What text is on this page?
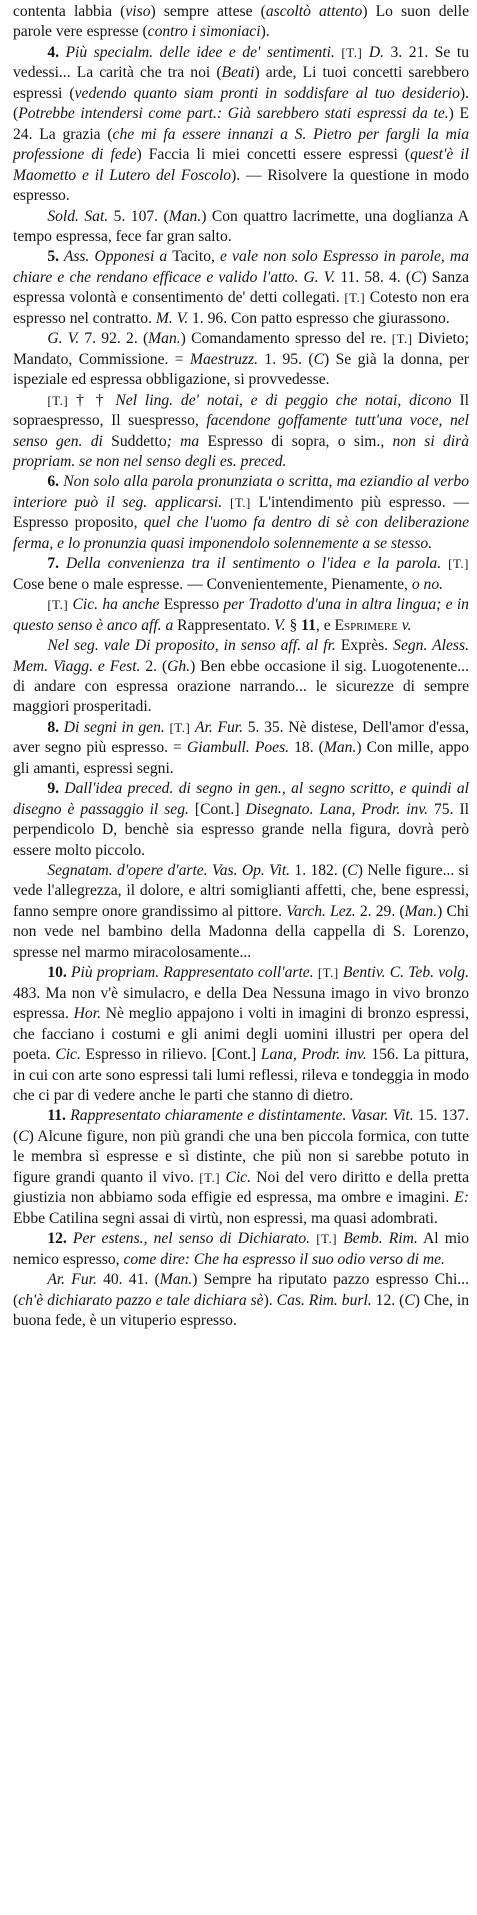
contenta labbia (viso) sempre attese (ascoltò attento) Lo suon delle parole vere espresse (contro i simoniaci).

4. Più specialm. delle idee e de' sentimenti. [T.] D. 3. 21. Se tu vedessi... La carità che tra noi (Beati) arde, Li tuoi concetti sarebbero espressi (vedendo quanto siam pronti in soddisfare al tuo desiderio). (Potrebbe intendersi come part.: Già sarebbero stati espressi da te.) E 24. La grazia (che mi fa essere innanzi a S. Pietro per fargli la mia professione di fede) Faccia li miei concetti essere espressi (quest'è il Maometto e il Lutero del Foscolo). — Risolvere la questione in modo espresso.

Sold. Sat. 5. 107. (Man.) Con quattro lacrimette, una doglianza A tempo espressa, fece far gran salto.

5. Ass. Opponesi a Tacito, e vale non solo Espresso in parole, ma chiare e che rendano efficace e valido l'atto. G. V. 11. 58. 4. (C) Sanza espressa volontà e consentimento de' detti collegati. [T.] Cotesto non era espresso nel contratto. M. V. 1. 96. Con patto espresso che giurassono.

G. V. 7. 92. 2. (Man.) Comandamento spresso del re. [T.] Divieto; Mandato, Commissione. = Maestruzz. 1. 95. (C) Se già la donna, per ispeziale ed espressa obbligazione, si provvedesse.

[T.] † † Nel ling. de' notai, e di peggio che notai, dicono Il sopraespresso, Il suespresso, facendone goffamente tutt'una voce, nel senso gen. di Suddetto; ma Espresso di sopra, o sim., non si dirà propriam. se non nel senso degli es. preced.

6. Non solo alla parola pronunziata o scritta, ma eziandio al verbo interiore può il seg. applicarsi. [T.] L'intendimento più espresso. — Espresso proposito, quel che l'uomo fa dentro di sè con deliberazione ferma, e lo pronunzia quasi imponendolo solennemente a se stesso.

7. Della convenienza tra il sentimento o l'idea e la parola. [T.] Cose bene o male espresse. — Convenientemente, Pienamente, o no.

[T.] Cic. ha anche Espresso per Tradotto d'una in altra lingua; e in questo senso è anco aff. a Rappresentato. V. § 11, e Esprimere v.

Nel seg. vale Di proposito, in senso aff. al fr. Exprès. Segn. Aless. Mem. Viagg. e Fest. 2. (Gh.) Ben ebbe occasione il sig. Luogotenente... di andare con espressa orazione narrando... le sicurezze di sempre maggiori prosperitadi.

8. Di segni in gen. [T.] Ar. Fur. 5. 35. Nè distese, Dell'amor d'essa, aver segno più espresso. = Giambull. Poes. 18. (Man.) Con mille, appo gli amanti, espressi segni.

9. Dall'idea preced. di segno in gen., al segno scritto, e quindi al disegno è passaggio il seg. [Cont.] Disegnato. Lana, Prodr. inv. 75. Il perpendicolo D, benchè sia espresso grande nella figura, dovrà però essere molto piccolo.

Segnatam. d'opere d'arte. Vas. Op. Vit. 1. 182. (C) Nelle figure... si vede l'allegrezza, il dolore, e altri somiglianti affetti, che, bene espressi, fanno sempre onore grandissimo al pittore. Varch. Lez. 2. 29. (Man.) Chi non vede nel bambino della Madonna della cappella di S. Lorenzo, spresse nel marmo miracolosamente...

10. Più propriam. Rappresentato coll'arte. [T.] Bentiv. C. Teb. volg. 483. Ma non v'è simulacro, e della Dea Nessuna imago in vivo bronzo espressa. Hor. Nè meglio appajono i volti in imagini di bronzo espressi, che facciano i costumi e gli animi degli uomini illustri per opera del poeta. Cic. Espresso in rilievo. [Cont.] Lana, Prodr. inv. 156. La pittura, in cui con arte sono espressi tali lumi reflessi, rileva e tondeggia in modo che ci par di vedere anche le parti che stanno di dietro.

11. Rappresentato chiaramente e distintamente. Vasar. Vit. 15. 137. (C) Alcune figure, non più grandi che una ben piccola formica, con tutte le membra sì espresse e sì distinte, che più non si sarebbe potuto in figure grandi quanto il vivo. [T.] Cic. Noi del vero diritto e della pretta giustizia non abbiamo soda effigie ed espressa, ma ombre e imagini. E: Ebbe Catilina segni assai di virtù, non espressi, ma quasi adombrati.

12. Per estens., nel senso di Dichiarato. [T.] Bemb. Rim. Al mio nemico espresso, come dire: Che ha espresso il suo odio verso di me.

Ar. Fur. 40. 41. (Man.) Sempre ha riputato pazzo espresso Chi... (ch'è dichiarato pazzo e tale dichiara sè). Cas. Rim. burl. 12. (C) Che, in buona fede, è un vituperio espresso.
